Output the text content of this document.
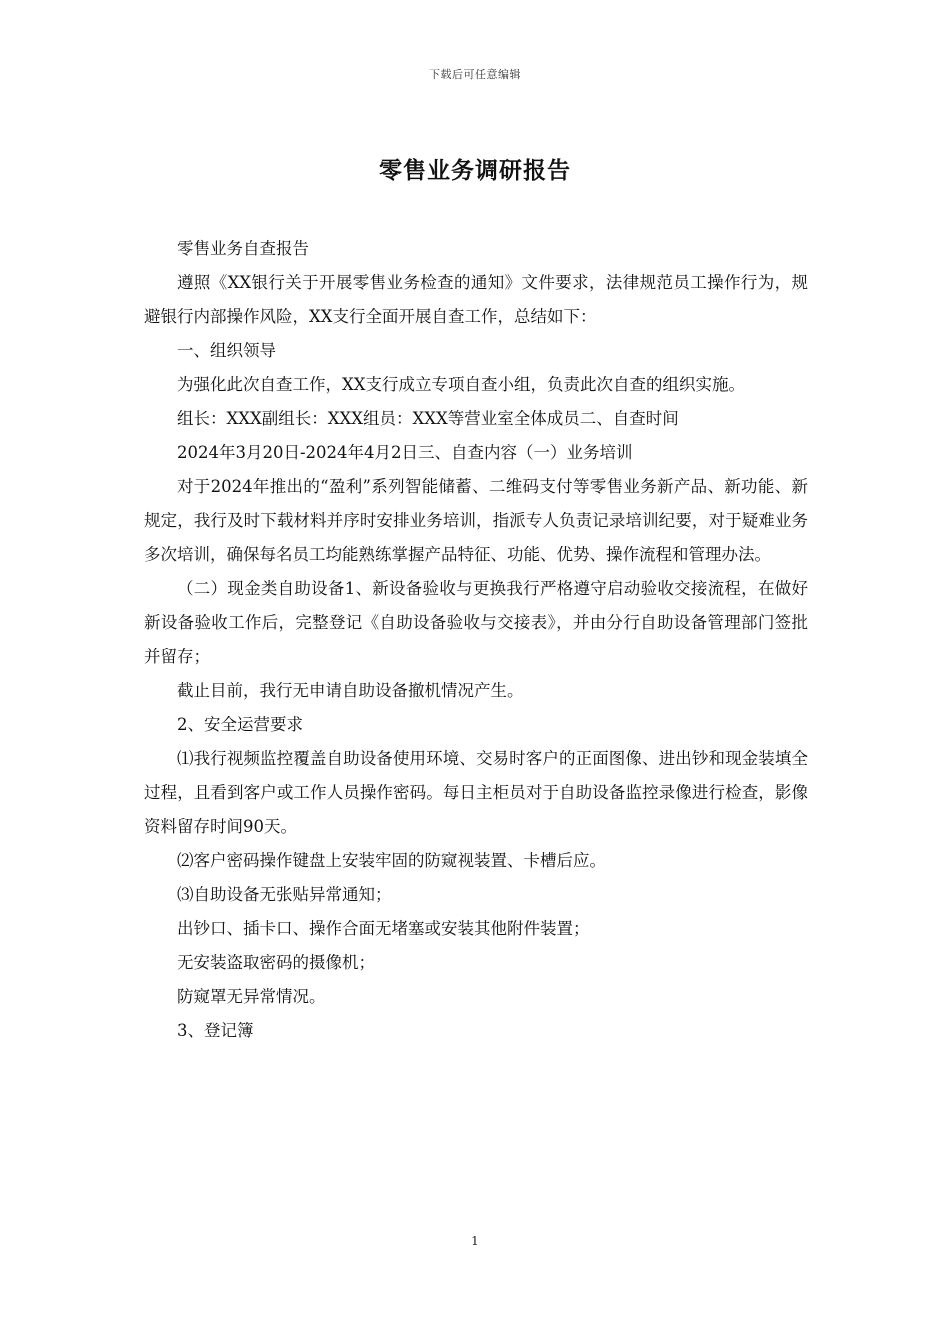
下载后可任意编辑
零售业务调研报告

零售业务自查报告

遵照《XX银行关于开展零售业务检查的通知》文件要求，法律规范员工操作行为，规避银行内部操作风险，XX支行全面开展自查工作，总结如下：

一、组织领导

为强化此次自查工作，XX支行成立专项自查小组，负责此次自查的组织实施。

组长：XXX副组长：XXX组员：XXX等营业室全体成员二、自查时间

2024年3月20日-2024年4月2日三、自查内容（一）业务培训

对于2024年推出的“盈利”系列智能储蓄、二维码支付等零售业务新产品、新功能、新规定，我行及时下载材料并序时安排业务培训，指派专人负责记录培训纪要，对于疑难业务多次培训，确保每名员工均能熟练掌握产品特征、功能、优势、操作流程和管理办法。

（二）现金类自助设备1、新设备验收与更换我行严格遵守启动验收交接流程，在做好新设备验收工作后，完整登记《自助设备验收与交接表》，并由分行自助设备管理部门签批并留存；

截止目前，我行无申请自助设备撤机情况产生。

2、安全运营要求

⑴我行视频监控覆盖自助设备使用环境、交易时客户的正面图像、进出钞和现金装填全过程，且看到客户或工作人员操作密码。每日主柜员对于自助设备监控录像进行检查，影像资料留存时间90天。

⑵客户密码操作键盘上安装牢固的防窥视装置、卡槽后应。

⑶自助设备无张贴异常通知；

出钞口、插卡口、操作合面无堵塞或安装其他附件装置；

无安装盗取密码的摄像机；

防窥罩无异常情况。

3、登记簿

1
